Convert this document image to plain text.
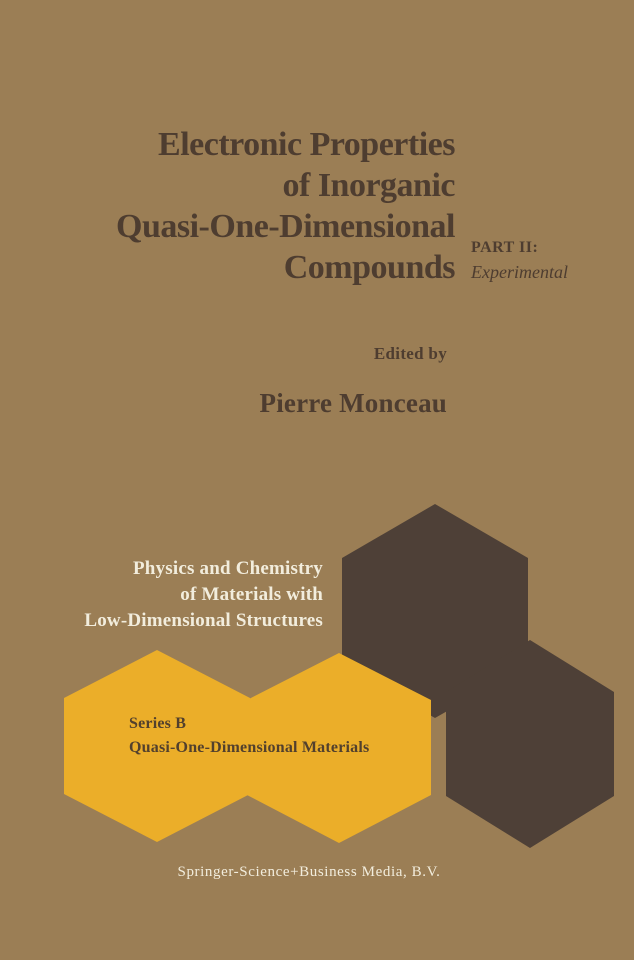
Electronic Properties
of Inorganic
Quasi-One-Dimensional
Compounds
PART II:
Experimental
Edited by
Pierre Monceau
Physics and Chemistry
of Materials with
Low-Dimensional Structures
Series B
Quasi-One-Dimensional Materials
Springer-Science+Business Media, B.V.
